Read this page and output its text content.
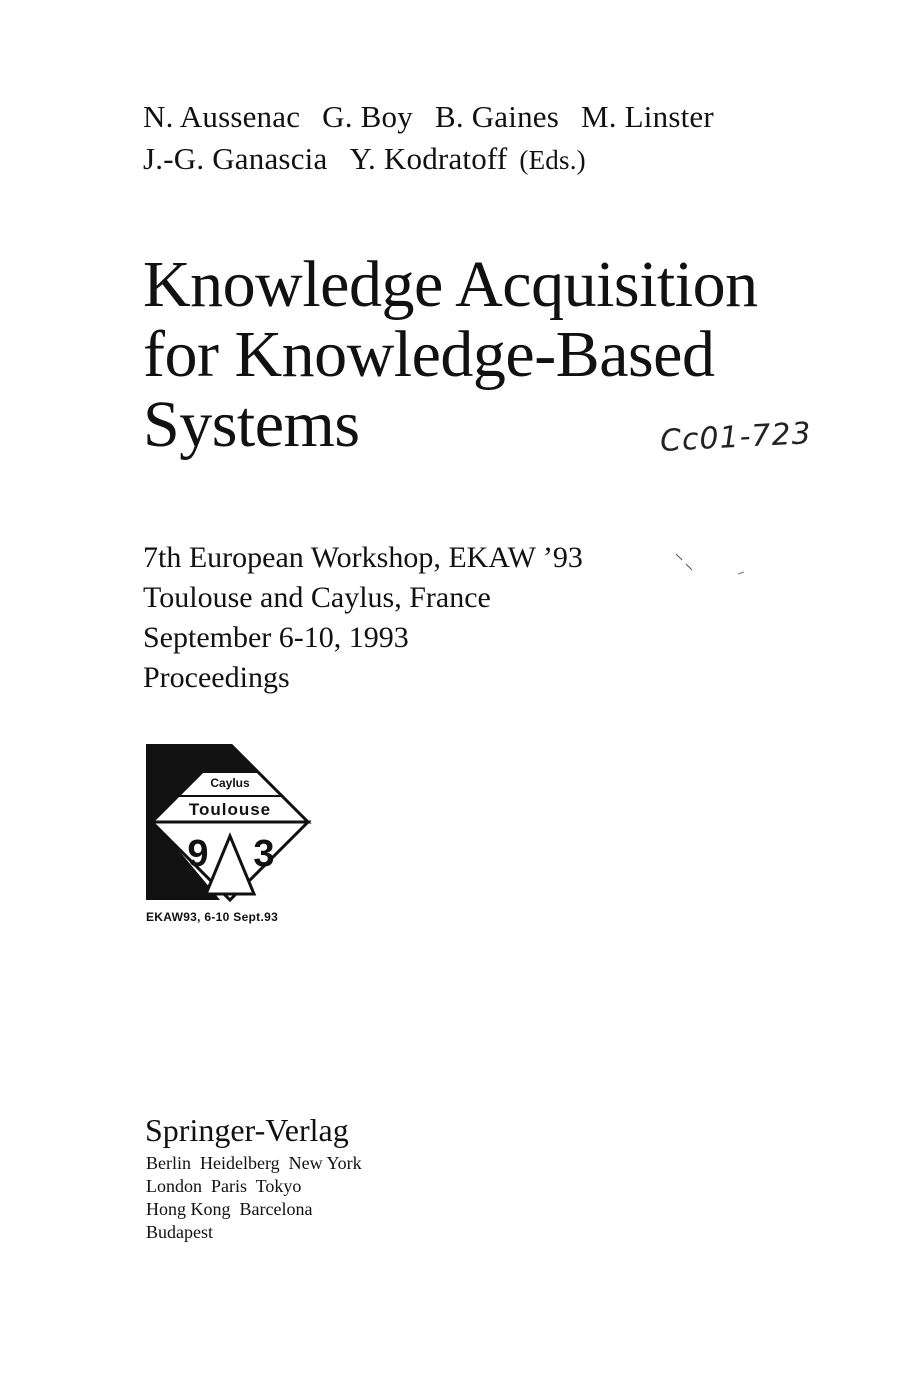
N. Aussenac G. Boy B. Gaines M. Linster
J.-G. Ganascia Y. Kodratoff (Eds.)
Knowledge Acquisition
for Knowledge-Based
Systems	Cc01-723
7th European Workshop, EKAW ’93
Toulouse and Caylus, France
September 6-10, 1993
Proceedings
Caylus
Toulouse
9 3
EKAW93, 6-10 Sept.93
Springer-Verlag
Berlin  Heidelberg  New York
London  Paris  Tokyo
Hong Kong  Barcelona
Budapest
